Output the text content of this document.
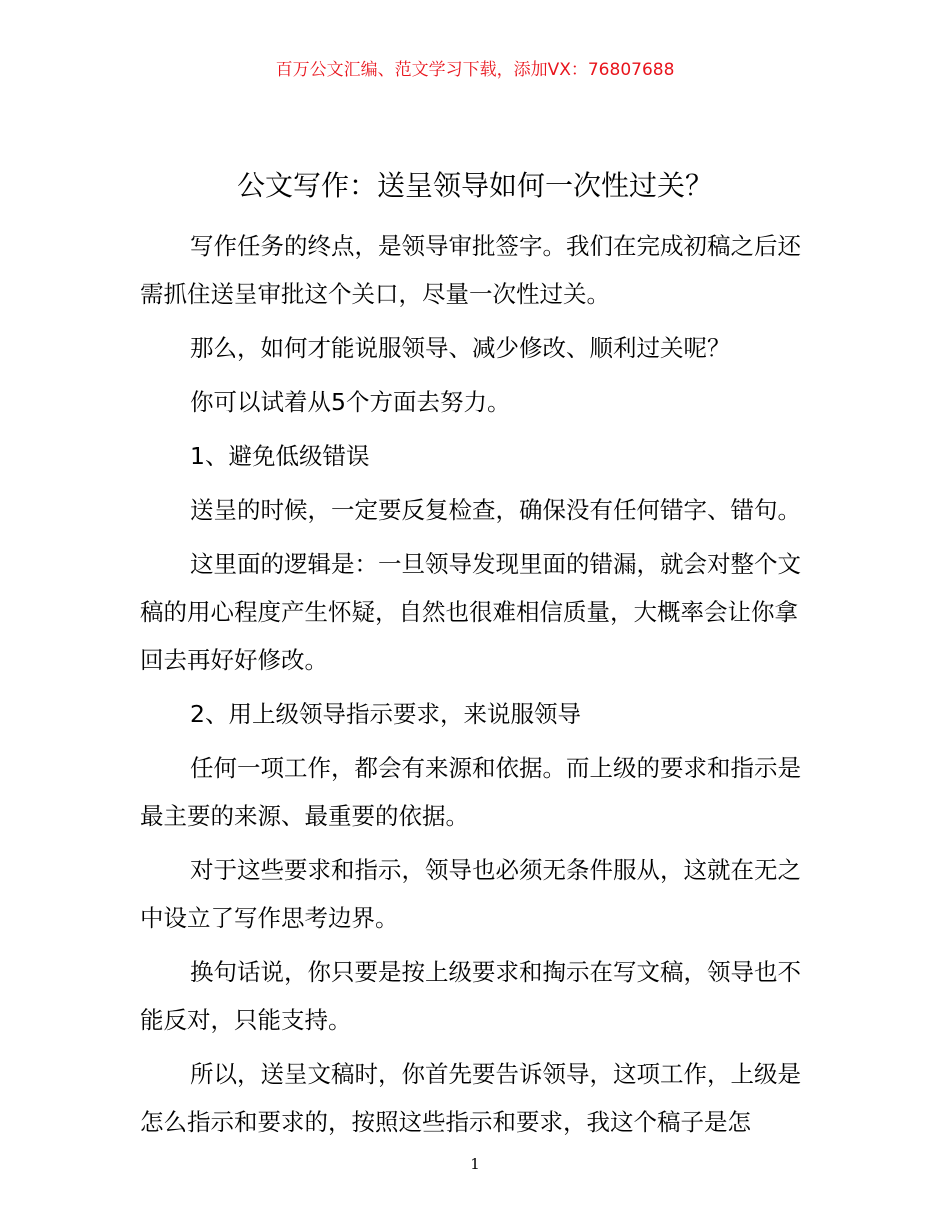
百万公文汇编、范文学习下载，添加VX：76807688
公文写作：送呈领导如何一次性过关？

写作任务的终点，是领导审批签字。我们在完成初稿之后还需抓住送呈审批这个关口，尽量一次性过关。

那么，如何才能说服领导、减少修改、顺利过关呢？

你可以试着从5个方面去努力。

1、避免低级错误

送呈的时候，一定要反复检查，确保没有任何错字、错句。

这里面的逻辑是：一旦领导发现里面的错漏，就会对整个文稿的用心程度产生怀疑，自然也很难相信质量，大概率会让你拿回去再好好修改。

2、用上级领导指示要求，来说服领导

任何一项工作，都会有来源和依据。而上级的要求和指示是最主要的来源、最重要的依据。

对于这些要求和指示，领导也必须无条件服从，这就在无之中设立了写作思考边界。

换句话说，你只要是按上级要求和掏示在写文稿，领导也不能反对，只能支持。

所以，送呈文稿时，你首先要告诉领导，这项工作，上级是怎么指示和要求的，按照这些指示和要求，我这个稿子是怎

1
